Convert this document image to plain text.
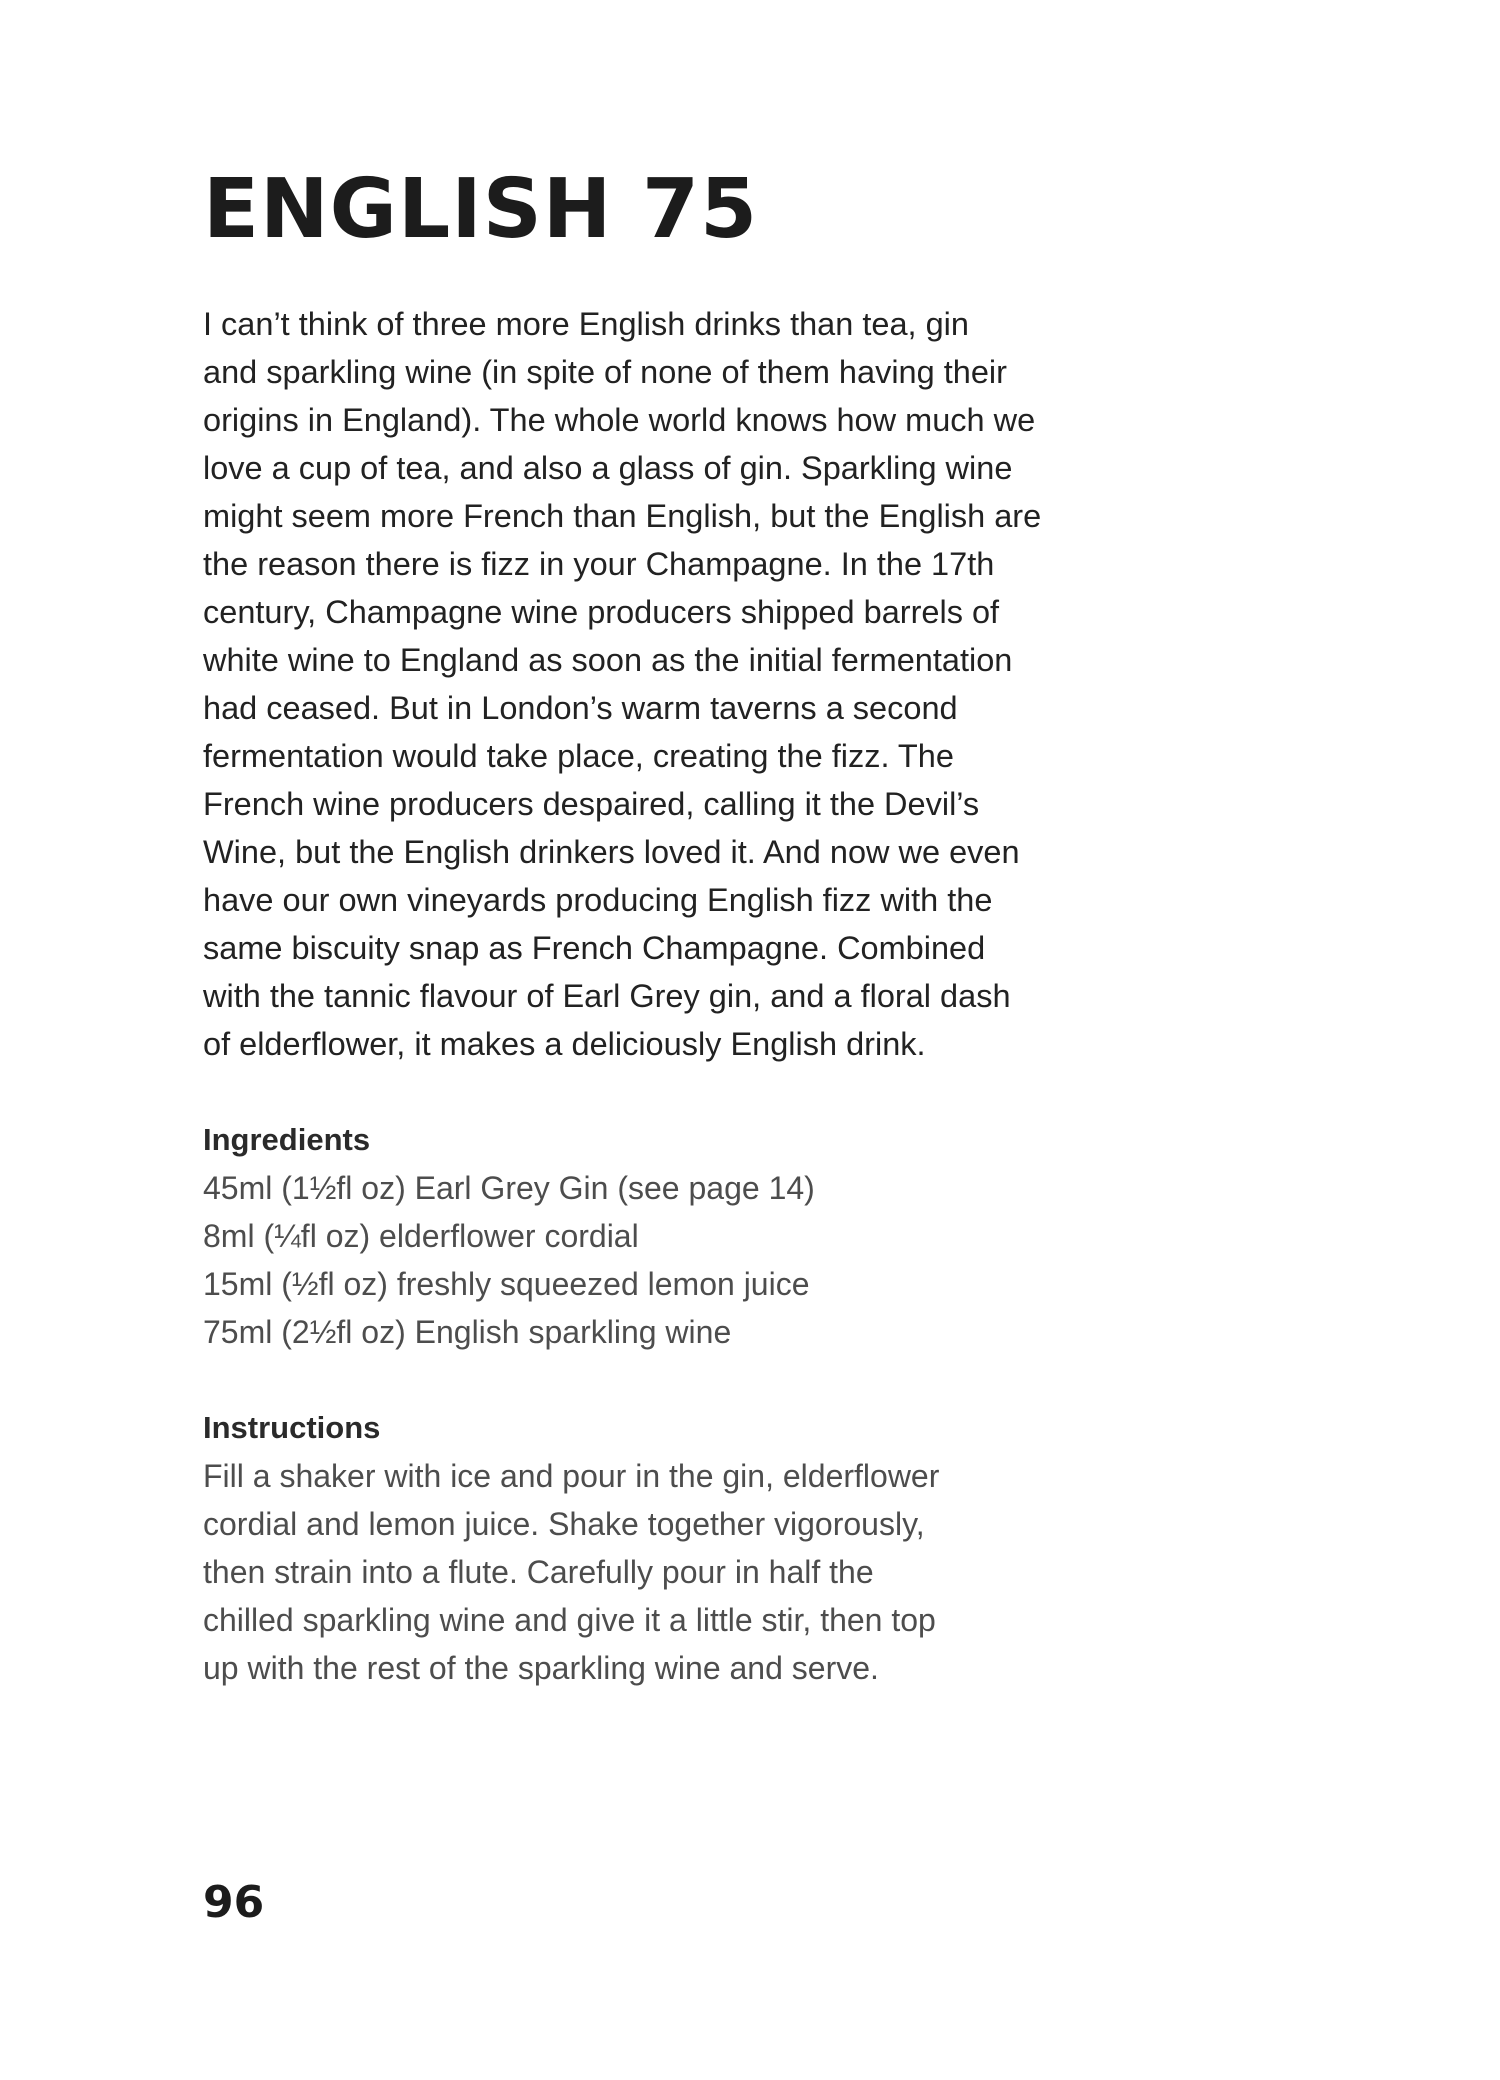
ENGLISH 75
I can’t think of three more English drinks than tea, gin
and sparkling wine (in spite of none of them having their
origins in England). The whole world knows how much we
love a cup of tea, and also a glass of gin. Sparkling wine
might seem more French than English, but the English are
the reason there is fizz in your Champagne. In the 17th
century, Champagne wine producers shipped barrels of
white wine to England as soon as the initial fermentation
had ceased. But in London’s warm taverns a second
fermentation would take place, creating the fizz. The
French wine producers despaired, calling it the Devil’s
Wine, but the English drinkers loved it. And now we even
have our own vineyards producing English fizz with the
same biscuity snap as French Champagne. Combined
with the tannic flavour of Earl Grey gin, and a floral dash
of elderflower, it makes a deliciously English drink.
Ingredients
45ml (1½fl oz) Earl Grey Gin (see page 14)
8ml (¼fl oz) elderflower cordial
15ml (½fl oz) freshly squeezed lemon juice
75ml (2½fl oz) English sparkling wine
Instructions
Fill a shaker with ice and pour in the gin, elderflower
cordial and lemon juice. Shake together vigorously,
then strain into a flute. Carefully pour in half the
chilled sparkling wine and give it a little stir, then top
up with the rest of the sparkling wine and serve.
96
